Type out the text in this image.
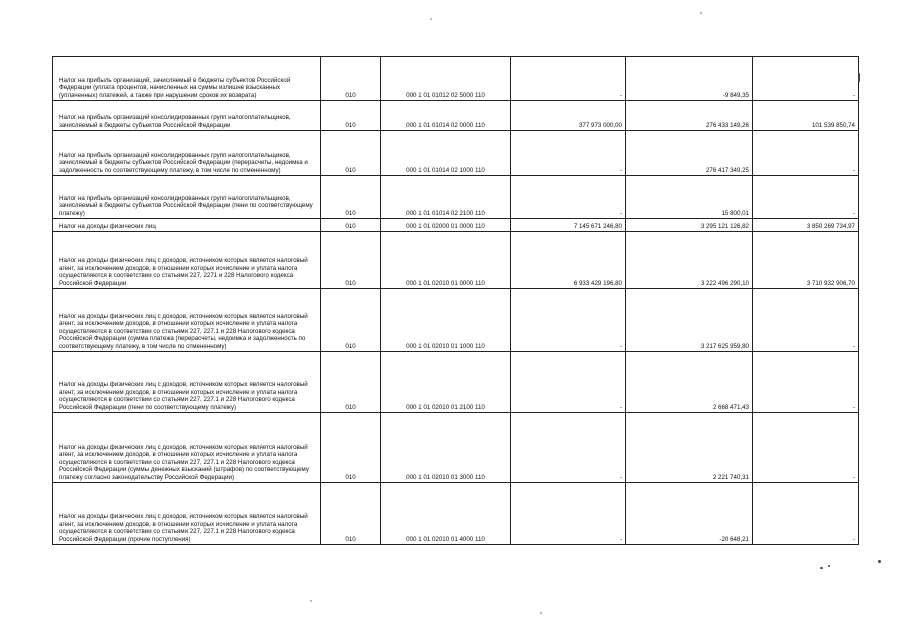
Налог на прибыль организаций, зачисляемый в бюджеты субъектов Российской Федерации (уплата процентов, начисленных на суммы излишне взысканных (уплаченных) платежей, а также при нарушении сроков их возврата)	010	000 1 01 01012 02 5000 110	-	-9 849,35	-
Налог на прибыль организаций консолидированных групп налогоплательщиков, зачисляемый в бюджеты субъектов Российской Федерации	010	000 1 01 01014 02 0000 110	377 973 000,00	276 433 149,26	101 539 850,74
Налог на прибыль организаций консолидированных групп налогоплательщиков, зачисляемый в бюджеты субъектов Российской Федерации (перерасчеты, недоимка и задолженность по соответствующему платежу, в том числе по отмененному)	010	000 1 01 01014 02 1000 110	-	276 417 349,25	-
Налог на прибыль организаций консолидированных групп налогоплательщиков, зачисляемый в бюджеты субъектов Российской Федерации (пени по соответствующему платежу)	010	000 1 01 01014 02 2100 110	-	15 800,01	-
Налог на доходы физических лиц	010	000 1 01 02000 01 0000 110	7 145 671 246,80	3 295 121 126,82	3 850 269 734,97
Налог на доходы физических лиц с доходов, источником которых является налоговый агент, за исключением доходов, в отношении которых исчисление и уплата налога осуществляются в соответствии со статьями 227, 2271 и 228 Налогового кодекса Российской Федерации	010	000 1 01 02010 01 0000 110	6 933 429 196,80	3 222 496 290,10	3 710 932 906,70
Налог на доходы физических лиц с доходов, источником которых является налоговый агент, за исключением доходов, в отношении которых исчисление и уплата налога осуществляются в соответствии со статьями 227, 227.1 и 228 Налогового кодекса Российской Федерации (сумма платежа (перерасчеты, недоимка и задолженность по соответствующему платежу, в том числе по отмененному)	010	000 1 01 02010 01 1000 110	-	3 217 625 959,80	-
Налог на доходы физических лиц с доходов, источником которых является налоговый агент, за исключением доходов, в отношении которых исчисление и уплата налога осуществляются в соответствии со статьями 227, 227.1 и 228 Налогового кодекса Российской Федерации (пени по соответствующему платежу)	010	000 1 01 02010 01 2100 110	-	2 668 471,43	-
Налог на доходы физических лиц с доходов, источником которых является налоговый агент, за исключением доходов, в отношении которых исчисление и уплата налога осуществляются в соответствии со статьями 227, 227.1 и 228 Налогового кодекса Российской Федерации (суммы денежных взысканий (штрафов) по соответствующему платежу согласно законодательству Российской Федерации)	010	000 1 01 02010 01 3000 110	-	2 221 740,31	-
Налог на доходы физических лиц с доходов, источником которых является налоговый агент, за исключением доходов, в отношении которых исчисление и уплата налога осуществляются в соответствии со статьями 227, 227.1 и 228 Налогового кодекса Российской Федерации (прочие поступления)	010	000 1 01 02010 01 4000 110	-	-20 648,21	-
